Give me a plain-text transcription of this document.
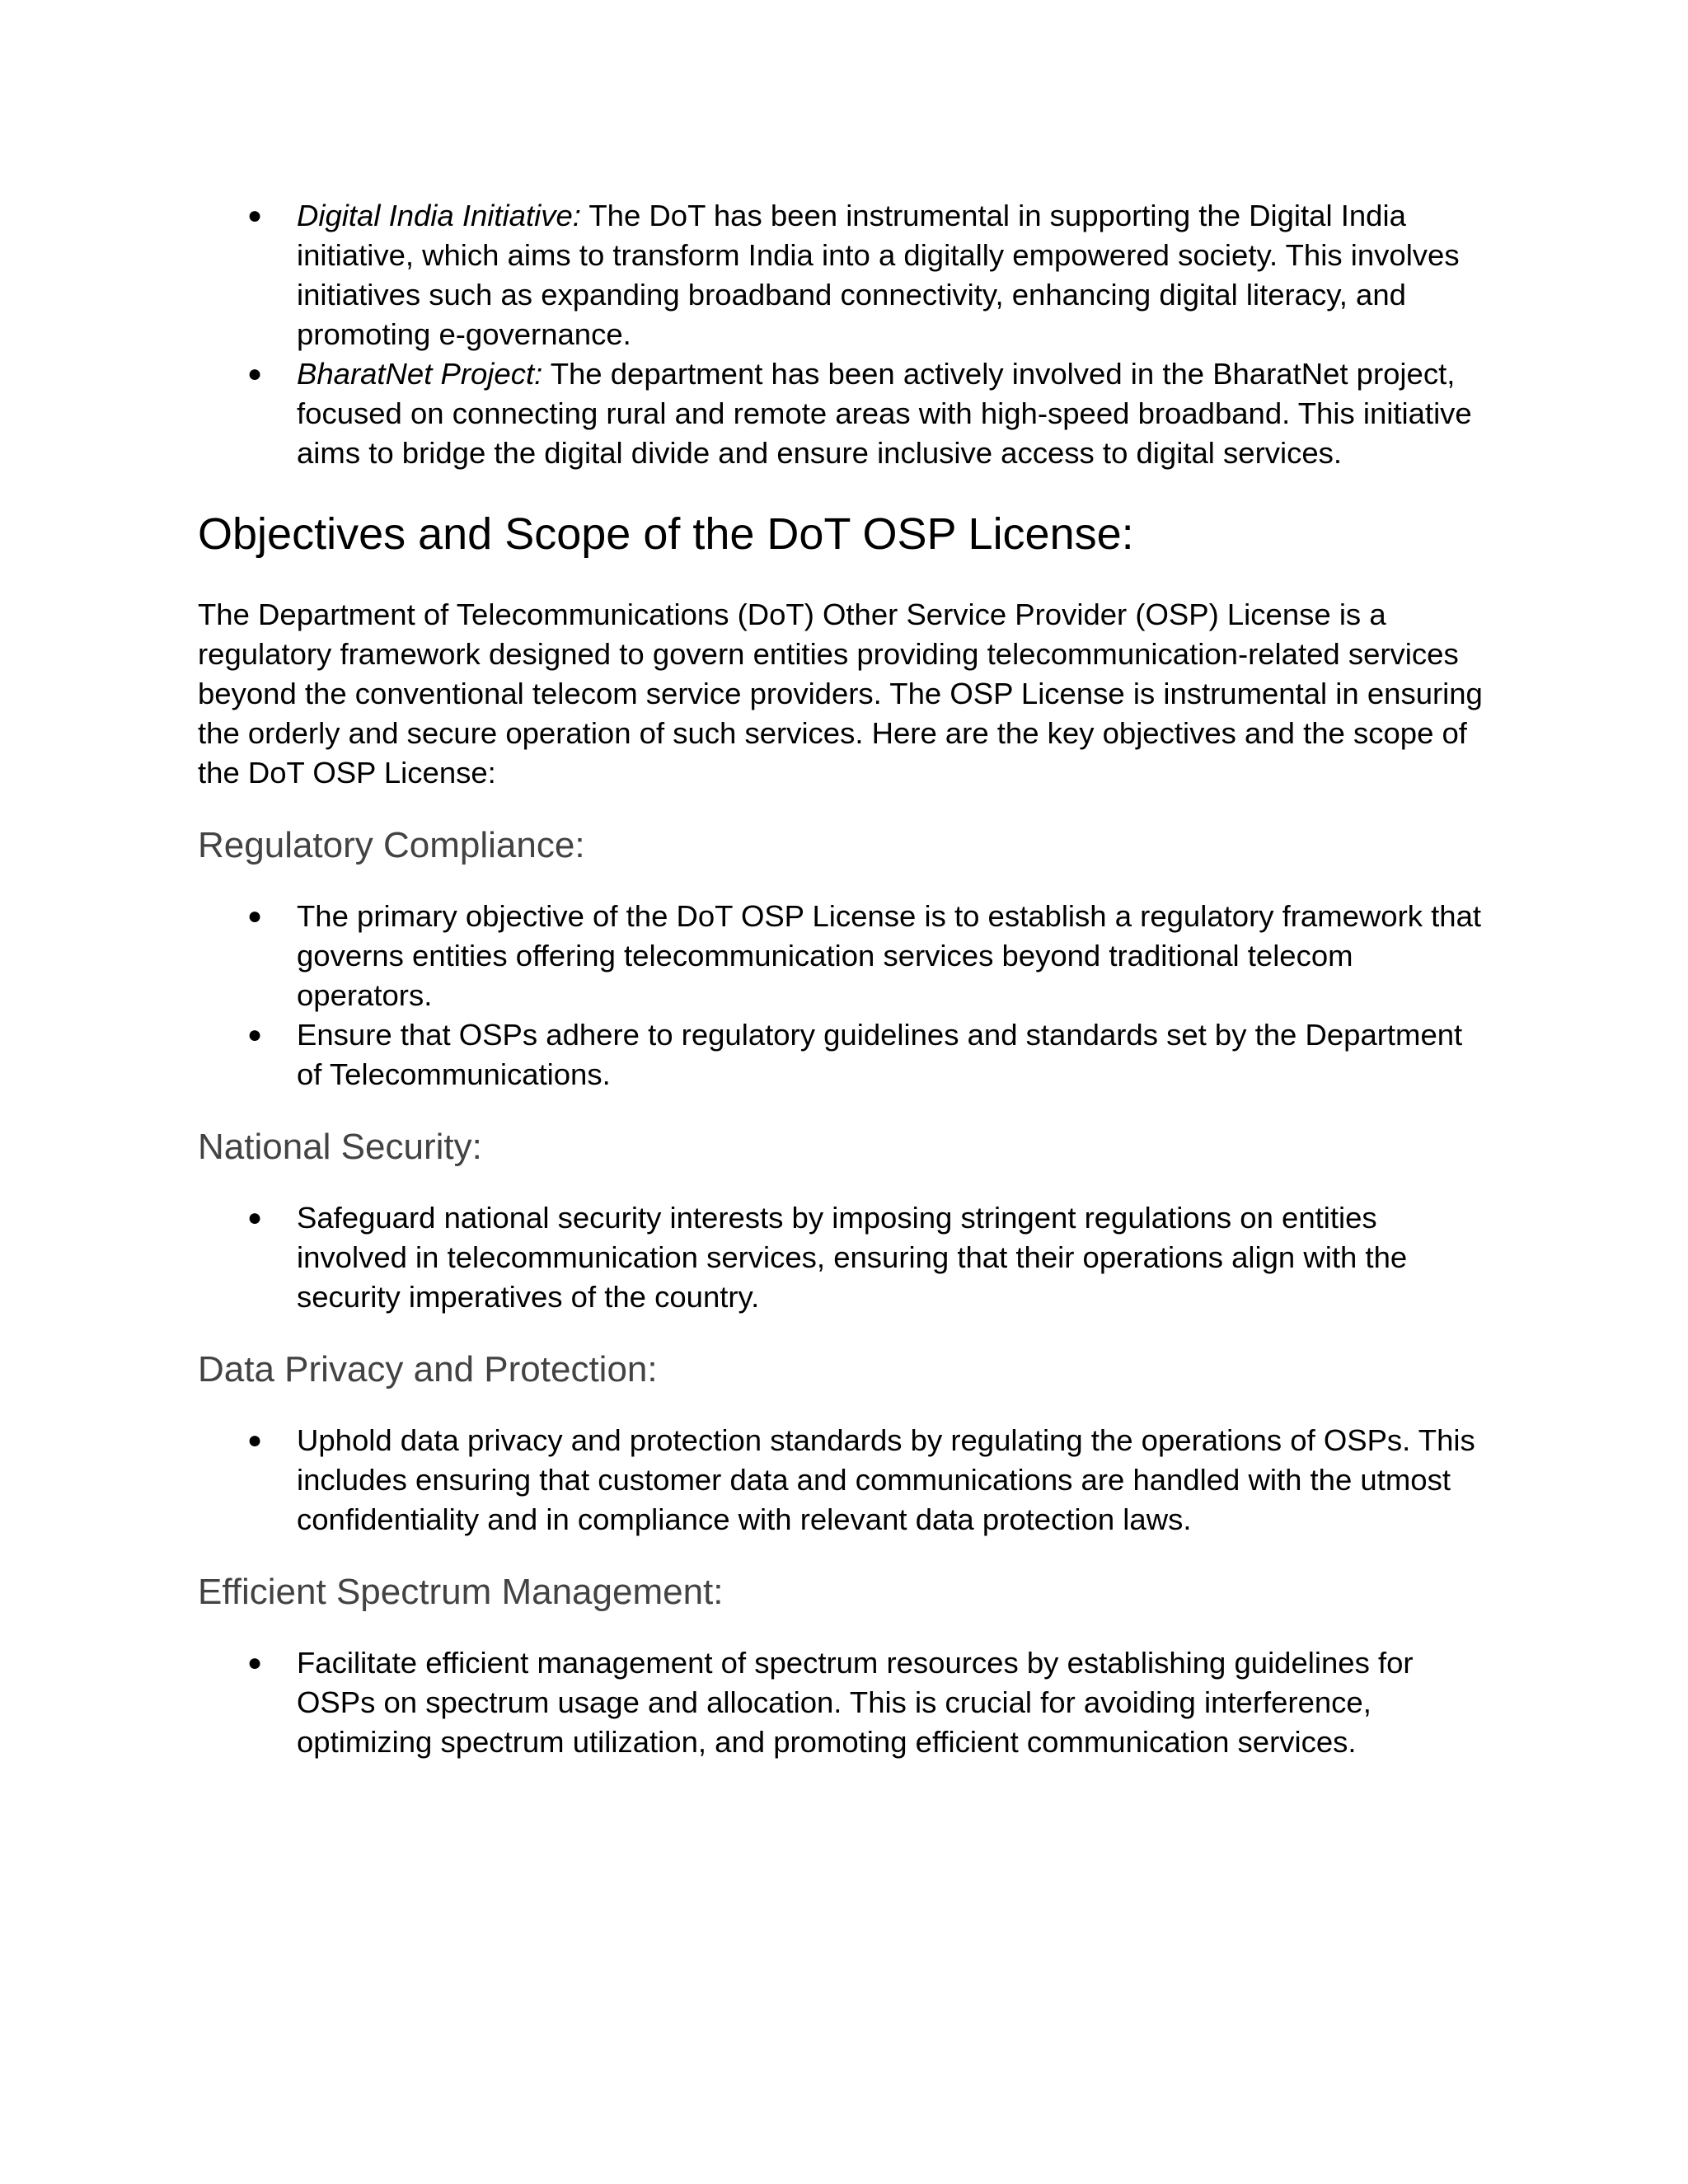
● Digital India Initiative: The DoT has been instrumental in supporting the Digital India initiative, which aims to transform India into a digitally empowered society. This involves initiatives such as expanding broadband connectivity, enhancing digital literacy, and promoting e-governance.
● BharatNet Project: The department has been actively involved in the BharatNet project, focused on connecting rural and remote areas with high-speed broadband. This initiative aims to bridge the digital divide and ensure inclusive access to digital services.
Objectives and Scope of the DoT OSP License:

The Department of Telecommunications (DoT) Other Service Provider (OSP) License is a regulatory framework designed to govern entities providing telecommunication-related services beyond the conventional telecom service providers. The OSP License is instrumental in ensuring the orderly and secure operation of such services. Here are the key objectives and the scope of the DoT OSP License:

Regulatory Compliance:
● The primary objective of the DoT OSP License is to establish a regulatory framework that governs entities offering telecommunication services beyond traditional telecom operators.
● Ensure that OSPs adhere to regulatory guidelines and standards set by the Department of Telecommunications.
National Security:
● Safeguard national security interests by imposing stringent regulations on entities involved in telecommunication services, ensuring that their operations align with the security imperatives of the country.
Data Privacy and Protection:
● Uphold data privacy and protection standards by regulating the operations of OSPs. This includes ensuring that customer data and communications are handled with the utmost confidentiality and in compliance with relevant data protection laws.
Efficient Spectrum Management:
● Facilitate efficient management of spectrum resources by establishing guidelines for OSPs on spectrum usage and allocation. This is crucial for avoiding interference, optimizing spectrum utilization, and promoting efficient communication services.
